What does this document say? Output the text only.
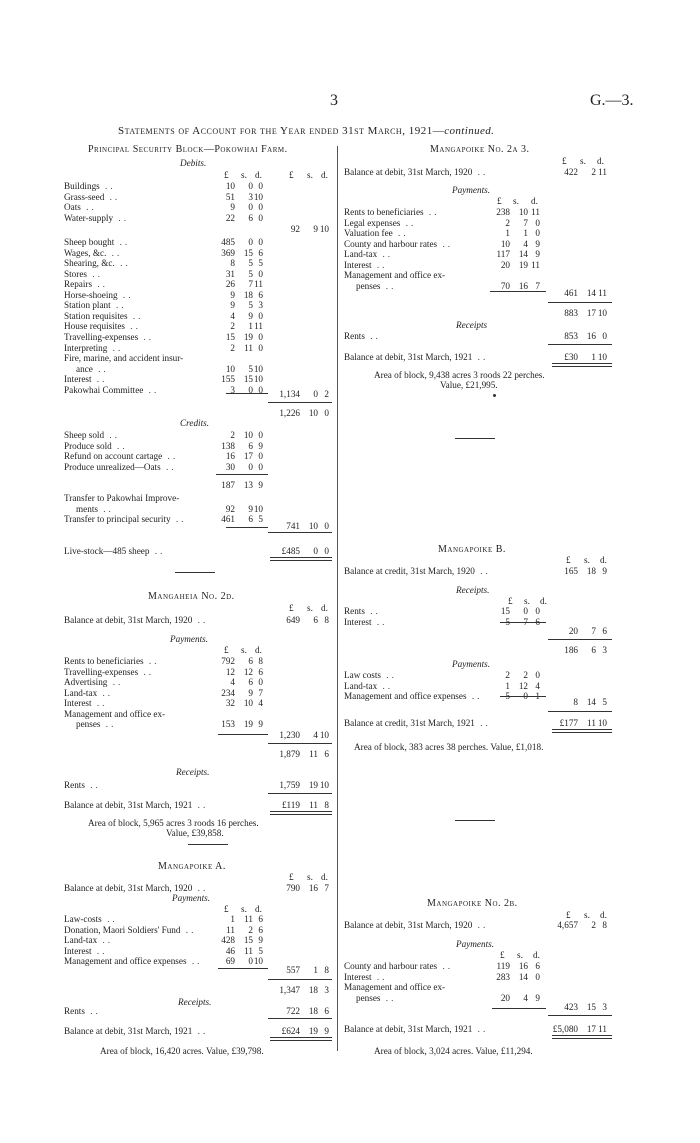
3	G.—3.
Statements of Account for the Year ended 31st March, 1921—continued.
Principal Security Block—Pokowhai Farm.
Debits.
£ s. d.	£ s. d.
Buildings ..	10	0 0
Grass-seed ..	51	3 10
Oats ..	9	0 0
Water-supply ..	22	6 0
92	9 10
Sheep bought ..	485	0 0
Wages, &c. ..	369 15 6
Shearing, &c. ..	8	5 5
Stores ..	31	5 0
Repairs ..	26	7 11
Horse-shoeing ..	9 18 6
Station plant ..	9	5 3
Station requisites ..	4	9 0
House requisites ..	2	1 11
Travelling-expenses ..	15 19 0
Interpreting ..	2 11 0
Fire, marine, and accident insur-
ance ..	10	5 10
Interest ..	155 15 10
Pakowhai Committee ..	3	0 0	1,134	0 2
1,226 10 0
Credits.
Sheep sold ..	2 10 0
Produce sold ..	138	6 9
Refund on account cartage ..	16 17 0
Produce unrealized—Oats ..	30	0 0
187 13 9
Transfer to Pakowhai Improve-
ments ..	92	9 10
Transfer to principal security ..	461	6 5
741 10 0
Live-stock—485 sheep ..	£485	0 0
Mangaheia No. 2d.
£ s. d.
Balance at debit, 31st March, 1920 ..	649	6 8
Payments.
£ s. d.
Rents to beneficiaries ..	792	6 8
Travelling-expenses ..	12 12 6
Advertising ..	4	6 0
Land-tax ..	234	9 7
Interest ..	32 10 4
Management and office ex-
penses ..	153 19 9
1,230	4 10
1,879 11 6
Receipts.
Rents ..	1,759 19 10
Balance at debit, 31st March, 1921 ..	£119 11 8
Area of block, 5,965 acres 3 roods 16 perches.
Value, £39,858.
Mangapoike A.
£ s. d.
Balance at debit, 31st March, 1920 ..	790 16 7
Payments.
£ s. d.
Law-costs ..	1 11 6
Donation, Maori Soldiers' Fund ..	11	2 6
Land-tax ..	428 15 9
Interest ..	46 11 5
Management and office expenses ..	69	0 10
557	1 8
1,347 18 3
Receipts.
Rents ..	722 18 6
Balance at debit, 31st March, 1921 ..	£624 19 9
Area of block, 16,420 acres. Value, £39,798.
Mangapoike No. 2a 3.
£ s. d.
Balance at debit, 31st March, 1920 ..	422	2 11
Payments.
£ s. d.
Rents to beneficiaries ..	238 10 11
Legal expenses ..	2	7 0
Valuation fee ..	1	1 0
County and harbour rates ..	10	4 9
Land-tax ..	117 14 9
Interest ..	20 19 11
Management and office ex-
penses ..	70 16 7
461 14 11
883 17 10
Receipts
Rents ..	853 16 0
Balance at debit, 31st March, 1921 ..	£30	1 10
Area of block, 9,438 acres 3 roods 22 perches.
Value, £21,995.
Mangapoike B.
£ s. d.
Balance at credit, 31st March, 1920 ..	165 18 9
Receipts.
£ s. d.
Rents ..	15	0 0
Interest ..	5	7 6
20	7 6
186	6 3
Payments.
Law costs ..	2	2 0
Land-tax ..	1 12 4
Management and office expenses ..	5	0 1
8 14 5
Balance at credit, 31st March, 1921 ..	£177 11 10
Area of block, 383 acres 38 perches. Value, £1,018.
Mangapoike No. 2b.
£ s. d.
Balance at debit, 31st March, 1920 ..	4,657	2 8
Payments.
£ s. d.
County and harbour rates ..	119 16 6
Interest ..	283 14 0
Management and office ex-
penses ..	20	4 9
423 15 3
Balance at debit, 31st March, 1921 ..	£5,080 17 11
Area of block, 3,024 acres. Value, £11,294.
